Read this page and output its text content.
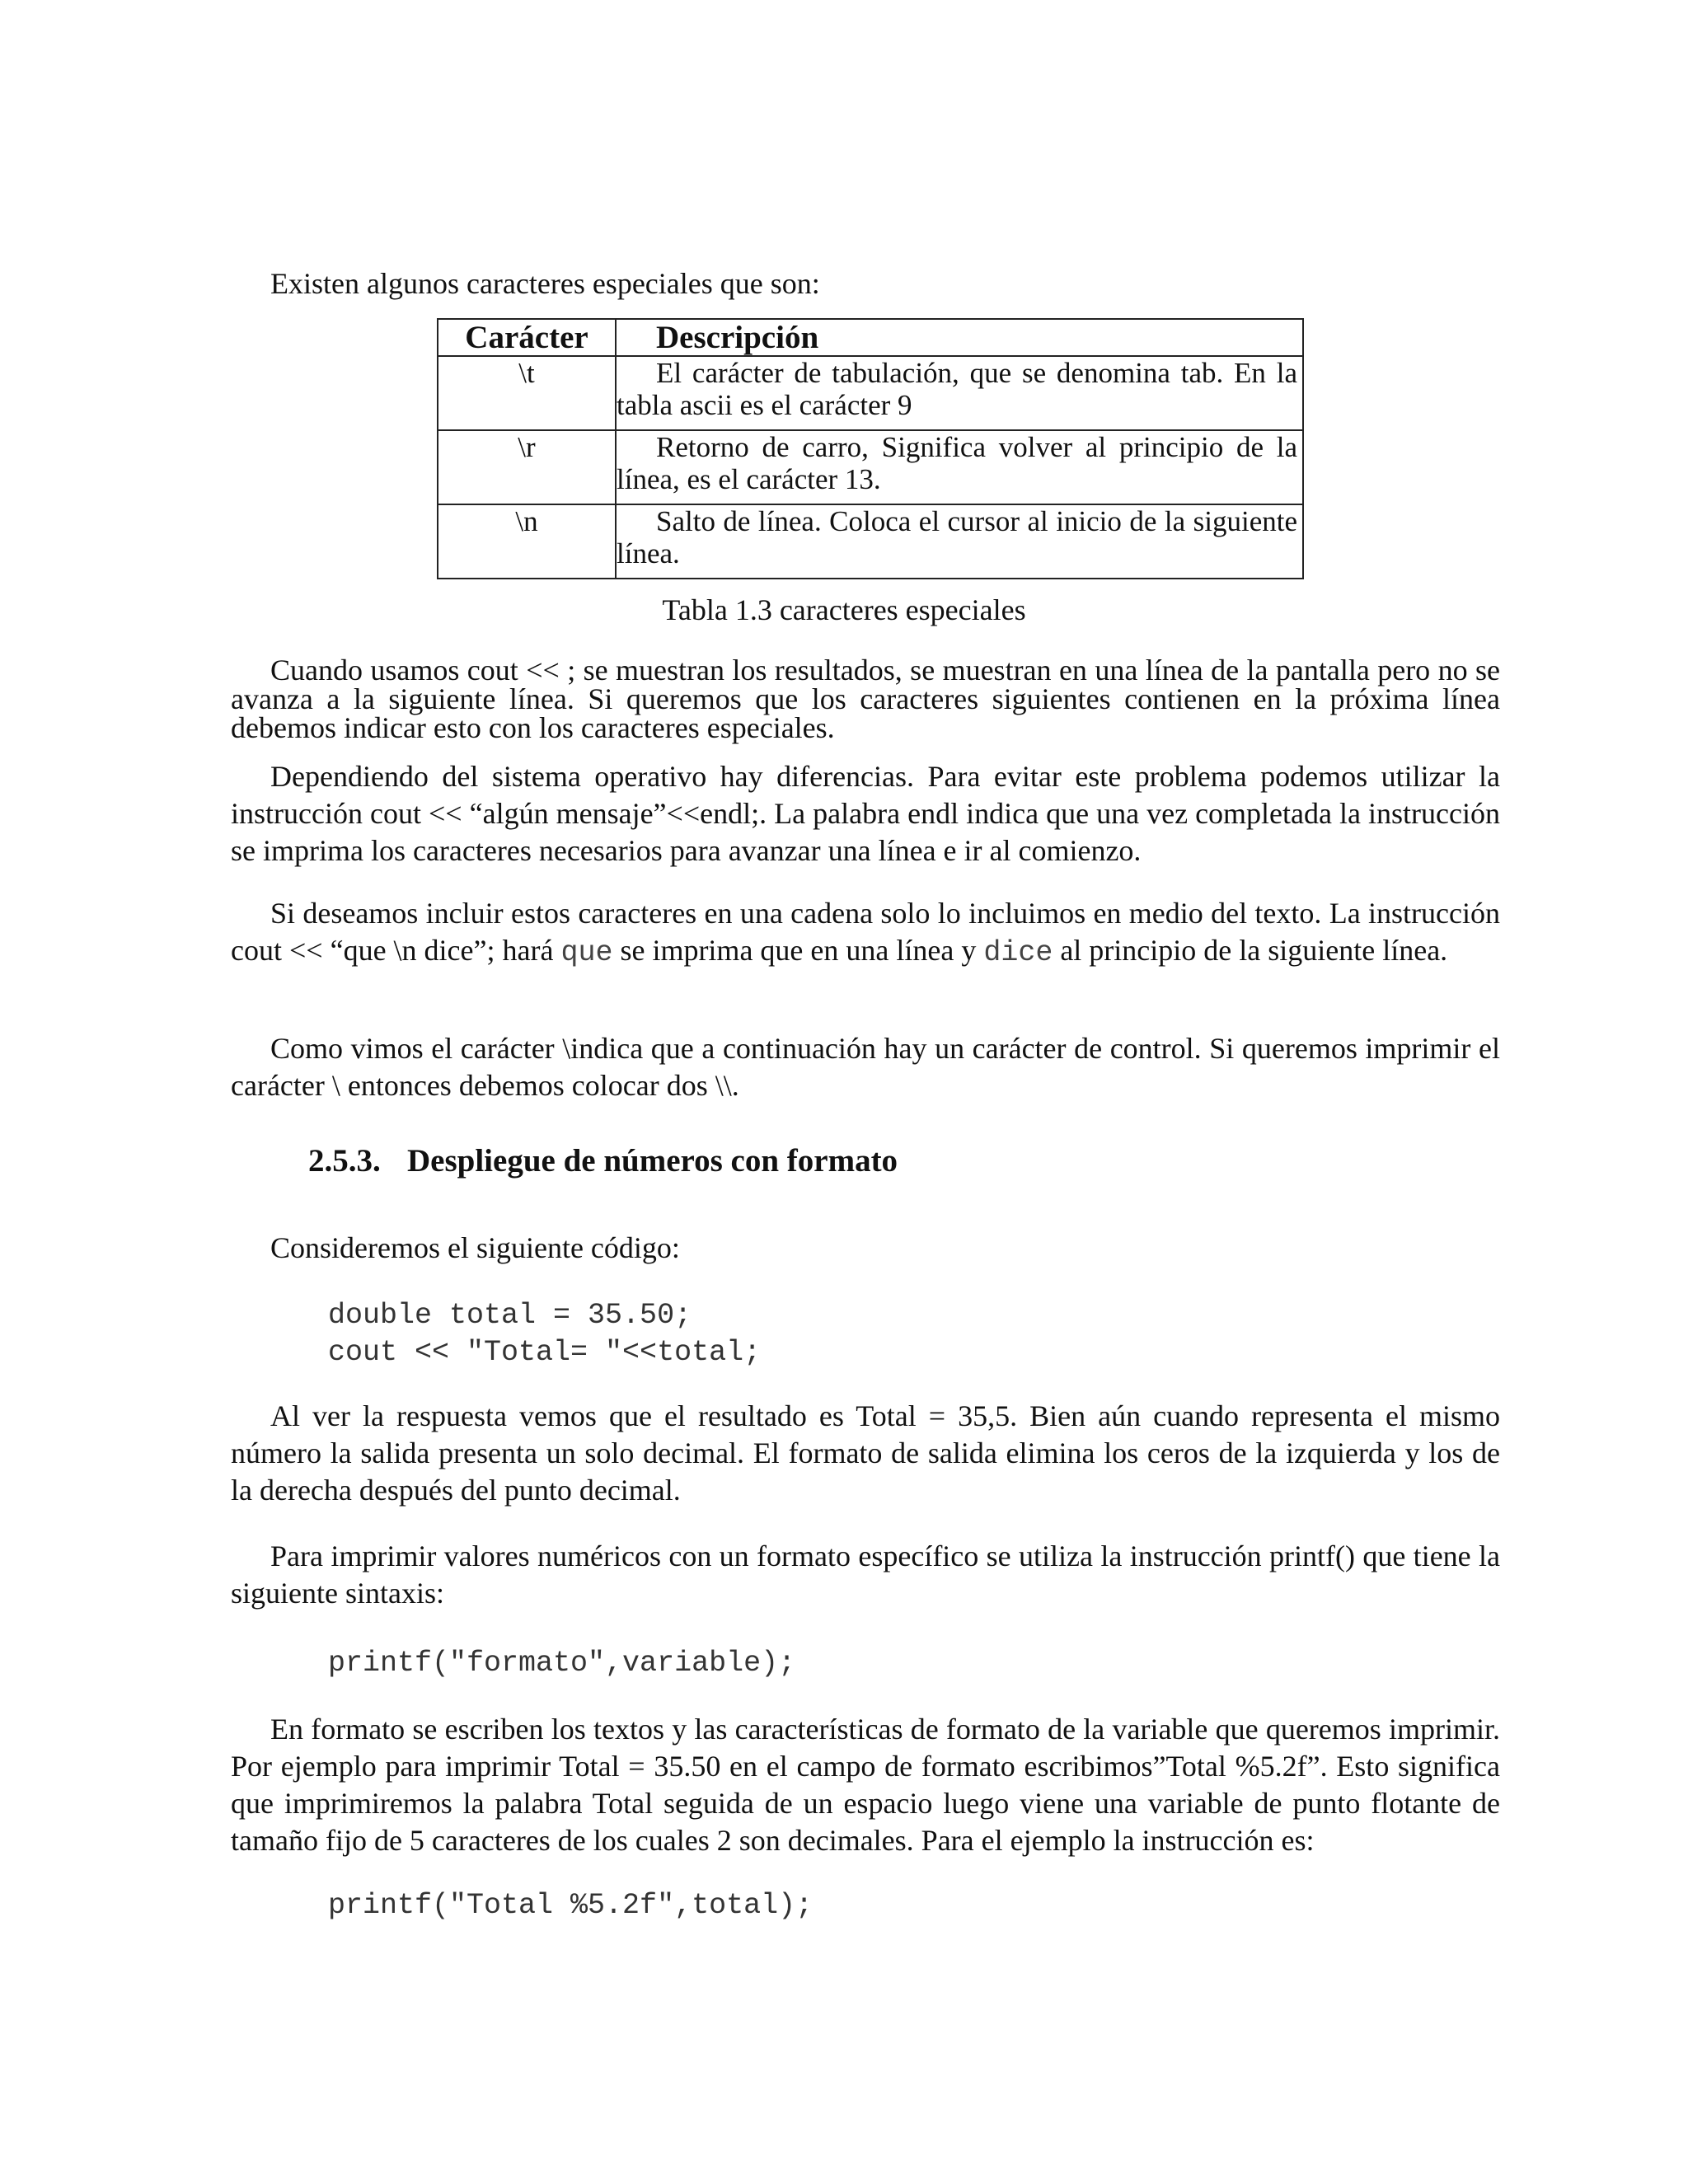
Existen algunos caracteres especiales que son:

Carácter	Descripción
\t	El carácter de tabulación, que se denomina tab. En la tabla ascii es el carácter 9
\r	Retorno de carro, Significa volver al principio de la línea, es el carácter 13.
\n	Salto de línea. Coloca el cursor al inicio de la siguiente línea.

Tabla 1.3 caracteres especiales

Cuando usamos cout << ; se muestran los resultados, se muestran en una línea de la pantalla pero no se avanza a la siguiente línea. Si queremos que los caracteres siguientes contienen en la próxima línea debemos indicar esto con los caracteres especiales.

Dependiendo del sistema operativo hay diferencias. Para evitar este problema podemos utilizar la instrucción cout << “algún mensaje”<<endl;. La palabra endl indica que una vez completada la instrucción se imprima los caracteres necesarios para avanzar una línea e ir al comienzo.

Si deseamos incluir estos caracteres en una cadena solo lo incluimos en medio del texto. La instrucción cout << “que \n dice”; hará que se imprima que en una línea y dice al principio de la siguiente línea.

Como vimos el carácter \indica que a continuación hay un carácter de control. Si queremos imprimir el carácter \ entonces debemos colocar dos \\.

2.5.3. Despliegue de números con formato

Consideremos el siguiente código:

double total = 35.50;
cout << "Total= "<<total;

Al ver la respuesta vemos que el resultado es Total = 35,5. Bien aún cuando representa el mismo número la salida presenta un solo decimal. El formato de salida elimina los ceros de la izquierda y los de la derecha después del punto decimal.

Para imprimir valores numéricos con un formato específico se utiliza la instrucción printf() que tiene la siguiente sintaxis:

printf("formato",variable);

En formato se escriben los textos y las características de formato de la variable que queremos imprimir. Por ejemplo para imprimir Total = 35.50 en el campo de formato escribimos”Total %5.2f”. Esto significa que imprimiremos la palabra Total seguida de un espacio luego viene una variable de punto flotante de tamaño fijo de 5 caracteres de los cuales 2 son decimales. Para el ejemplo la instrucción es:

printf("Total %5.2f",total);
